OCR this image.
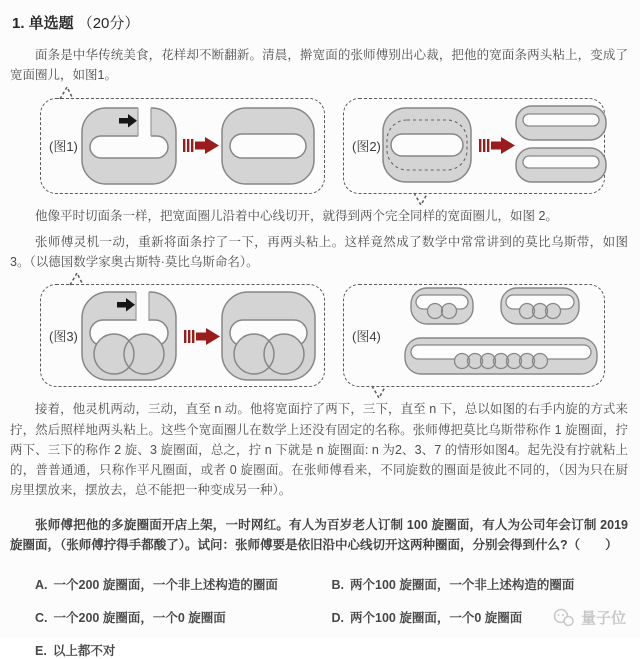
1. 单选题 （20分）

面条是中华传统美食，花样却不断翻新。清晨，擀宽面的张师傅别出心裁，把他的宽面条两头粘上，变成了宽面圈儿，如图1。

(图1)	(图2)

他像平时切面条一样，把宽面圈儿沿着中心线切开，就得到两个完全同样的宽面圈儿，如图 2。

张师傅灵机一动，重新将面条拧了一下，再两头粘上。这样竟然成了数学中常常讲到的莫比乌斯带，如图3。（以德国数学家奥古斯特·莫比乌斯命名）。

(图3)	(图4)

接着，他灵机两动，三动，直至 n 动。他将宽面拧了两下，三下，直至 n 下，总以如图的右手内旋的方式来拧，然后照样地两头粘上。这些个宽面圈儿在数学上还没有固定的名称。张师傅把莫比乌斯带称作 1 旋圈面，拧两下、三下的称作 2 旋、3 旋圈面，总之，拧 n 下就是 n 旋圈面: n 为2、3、7 的情形如图4。起先没有拧就粘上的，普普通通，只称作平凡圈面，或者 0 旋圈面。在张师傅看来，不同旋数的圈面是彼此不同的，（因为只在厨房里摆放来，摆放去，总不能把一种变成另一种）。

张师傅把他的多旋圈面开店上架，一时网红。有人为百岁老人订制 100 旋圈面，有人为公司年会订制 2019 旋圈面，（张师傅拧得手都酸了）。试问：张师傅要是依旧沿中心线切开这两种圈面，分别会得到什么?（　　）

A. 一个200 旋圈面，一个非上述构造的圈面	B. 两个100 旋圈面，一个非上述构造的圈面
C. 一个200 旋圈面，一个0 旋圈面	D. 两个100 旋圈面，一个0 旋圈面
E. 以上都不对
量子位
